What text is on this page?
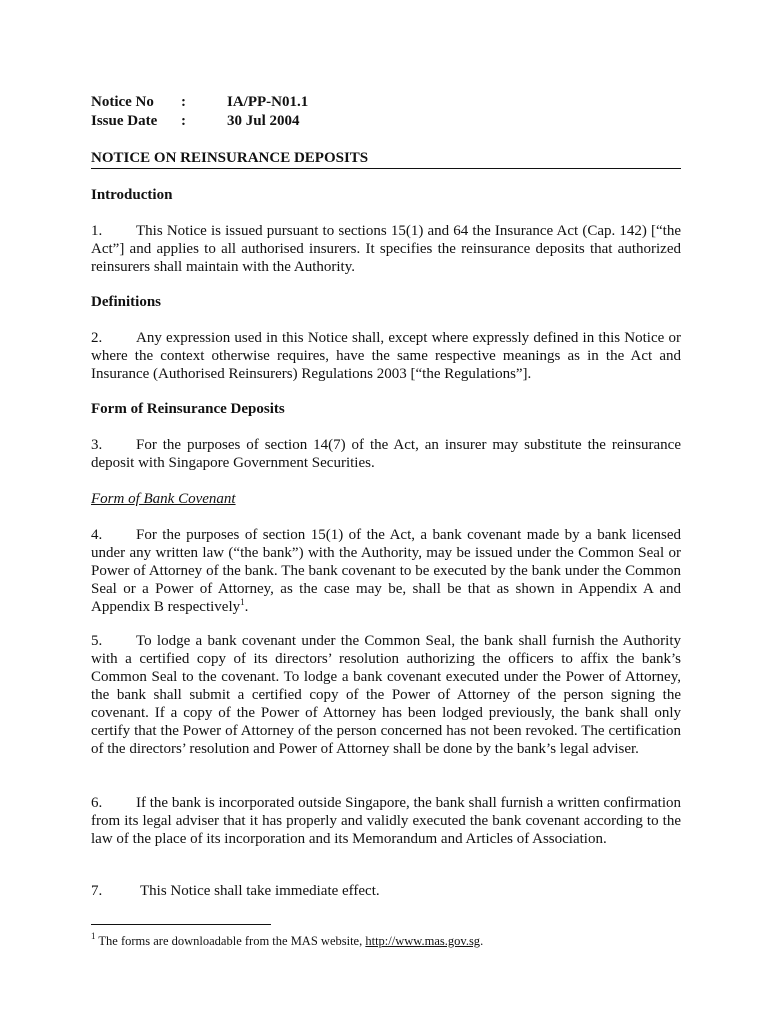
Notice No	:	IA/PP-N01.1
Issue Date	:	30 Jul 2004
NOTICE ON REINSURANCE DEPOSITS
Introduction

1. This Notice is issued pursuant to sections 15(1) and 64 the Insurance Act (Cap. 142) [“the Act”] and applies to all authorised insurers. It specifies the reinsurance deposits that authorized reinsurers shall maintain with the Authority.

Definitions

2. Any expression used in this Notice shall, except where expressly defined in this Notice or where the context otherwise requires, have the same respective meanings as in the Act and Insurance (Authorised Reinsurers) Regulations 2003 [“the Regulations”].

Form of Reinsurance Deposits

3. For the purposes of section 14(7) of the Act, an insurer may substitute the reinsurance deposit with Singapore Government Securities.

Form of Bank Covenant

4. For the purposes of section 15(1) of the Act, a bank covenant made by a bank licensed under any written law (“the bank”) with the Authority, may be issued under the Common Seal or Power of Attorney of the bank. The bank covenant to be executed by the bank under the Common Seal or a Power of Attorney, as the case may be, shall be that as shown in Appendix A and Appendix B respectively$^1$.

5. To lodge a bank covenant under the Common Seal, the bank shall furnish the Authority with a certified copy of its directors’ resolution authorizing the officers to affix the bank’s Common Seal to the covenant. To lodge a bank covenant executed under the Power of Attorney, the bank shall submit a certified copy of the Power of Attorney of the person signing the covenant. If a copy of the Power of Attorney has been lodged previously, the bank shall only certify that the Power of Attorney of the person concerned has not been revoked. The certification of the directors’ resolution and Power of Attorney shall be done by the bank’s legal adviser.

6. If the bank is incorporated outside Singapore, the bank shall furnish a written confirmation from its legal adviser that it has properly and validly executed the bank covenant according to the law of the place of its incorporation and its Memorandum and Articles of Association.

7.	This Notice shall take immediate effect.

$^1$ The forms are downloadable from the MAS website, http://www.mas.gov.sg.
